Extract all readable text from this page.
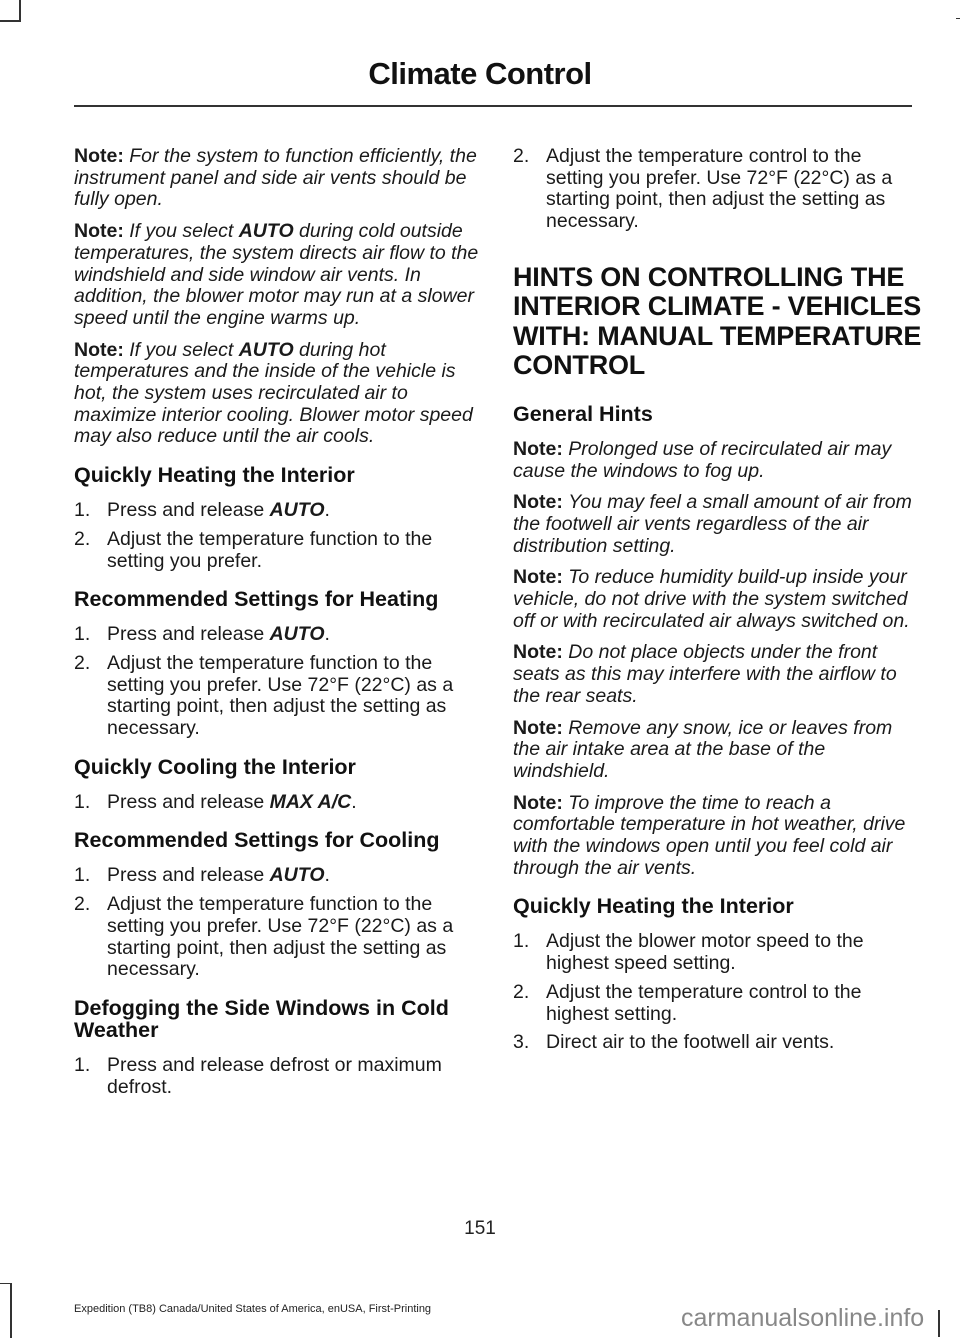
Climate Control

Note: For the system to function efficiently, the instrument panel and side air vents should be fully open.

Note: If you select AUTO during cold outside temperatures, the system directs air flow to the windshield and side window air vents. In addition, the blower motor may run at a slower speed until the engine warms up.

Note: If you select AUTO during hot temperatures and the inside of the vehicle is hot, the system uses recirculated air to maximize interior cooling. Blower motor speed may also reduce until the air cools.

Quickly Heating the Interior
1. Press and release AUTO.
2. Adjust the temperature function to the setting you prefer.
Recommended Settings for Heating
1. Press and release AUTO.
2. Adjust the temperature function to the setting you prefer. Use 72°F (22°C) as a starting point, then adjust the setting as necessary.
Quickly Cooling the Interior
1. Press and release MAX A/C.
Recommended Settings for Cooling
1. Press and release AUTO.
2. Adjust the temperature function to the setting you prefer. Use 72°F (22°C) as a starting point, then adjust the setting as necessary.
Defogging the Side Windows in Cold Weather
1. Press and release defrost or maximum defrost.
2. Adjust the temperature control to the setting you prefer. Use 72°F (22°C) as a starting point, then adjust the setting as necessary.
HINTS ON CONTROLLING THE INTERIOR CLIMATE - VEHICLES WITH: MANUAL TEMPERATURE CONTROL
General Hints

Note: Prolonged use of recirculated air may cause the windows to fog up.

Note: You may feel a small amount of air from the footwell air vents regardless of the air distribution setting.

Note: To reduce humidity build-up inside your vehicle, do not drive with the system switched off or with recirculated air always switched on.

Note: Do not place objects under the front seats as this may interfere with the airflow to the rear seats.

Note: Remove any snow, ice or leaves from the air intake area at the base of the windshield.

Note: To improve the time to reach a comfortable temperature in hot weather, drive with the windows open until you feel cold air through the air vents.

Quickly Heating the Interior
1. Adjust the blower motor speed to the highest speed setting.
2. Adjust the temperature control to the highest setting.
3. Direct air to the footwell air vents.
151
Expedition (TB8) Canada/United States of America, enUSA, First-Printing	carmanualsonline.info
